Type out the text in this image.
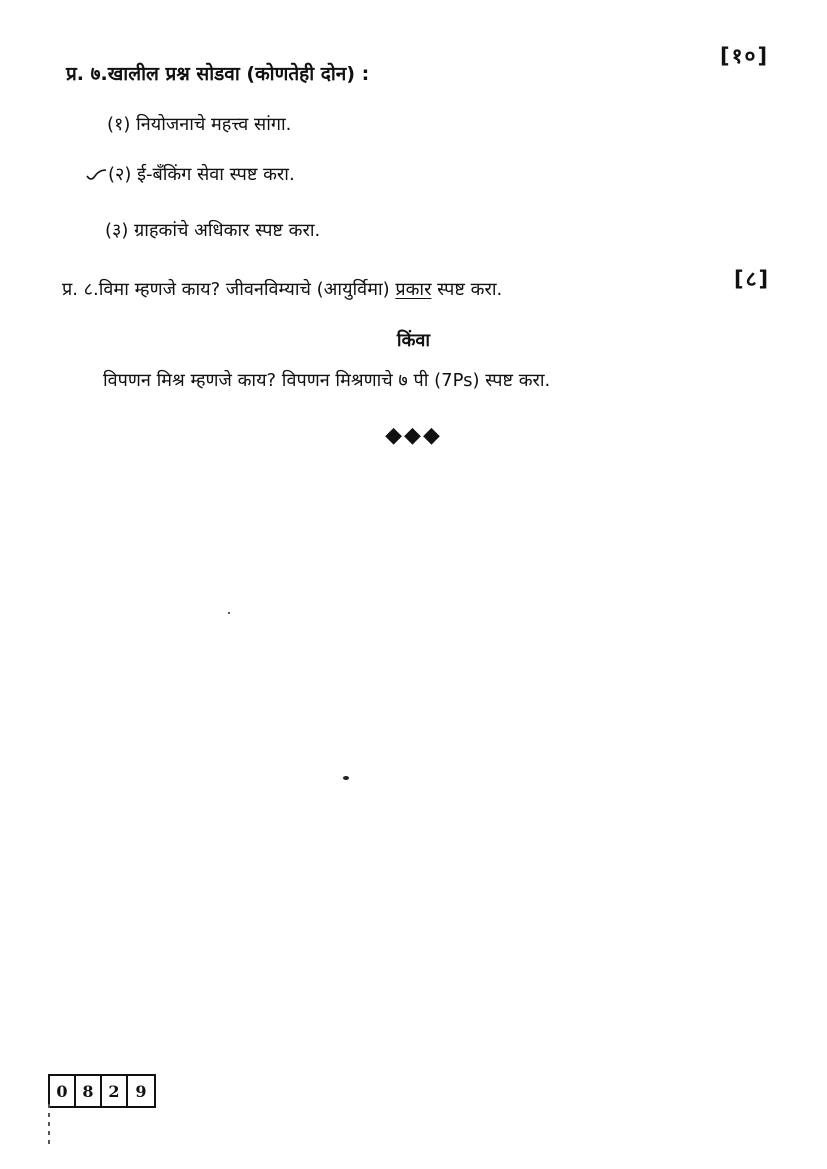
प्र. ७.खालील प्रश्न सोडवा (कोणतेही दोन) :
[१०]
(१) नियोजनाचे महत्त्व सांगा.
(२) ई-बँकिंग सेवा स्पष्ट करा.
(३) ग्राहकांचे अधिकार स्पष्ट करा.
प्र. ८.विमा म्हणजे काय? जीवनविम्याचे (आयुर्विमा) प्रकार स्पष्ट करा.	[८]
किंवा
विपणन मिश्र म्हणजे काय? विपणन मिश्रणाचे ७ पी (7Ps) स्पष्ट करा.
◆◆◆
0 8 2 9
